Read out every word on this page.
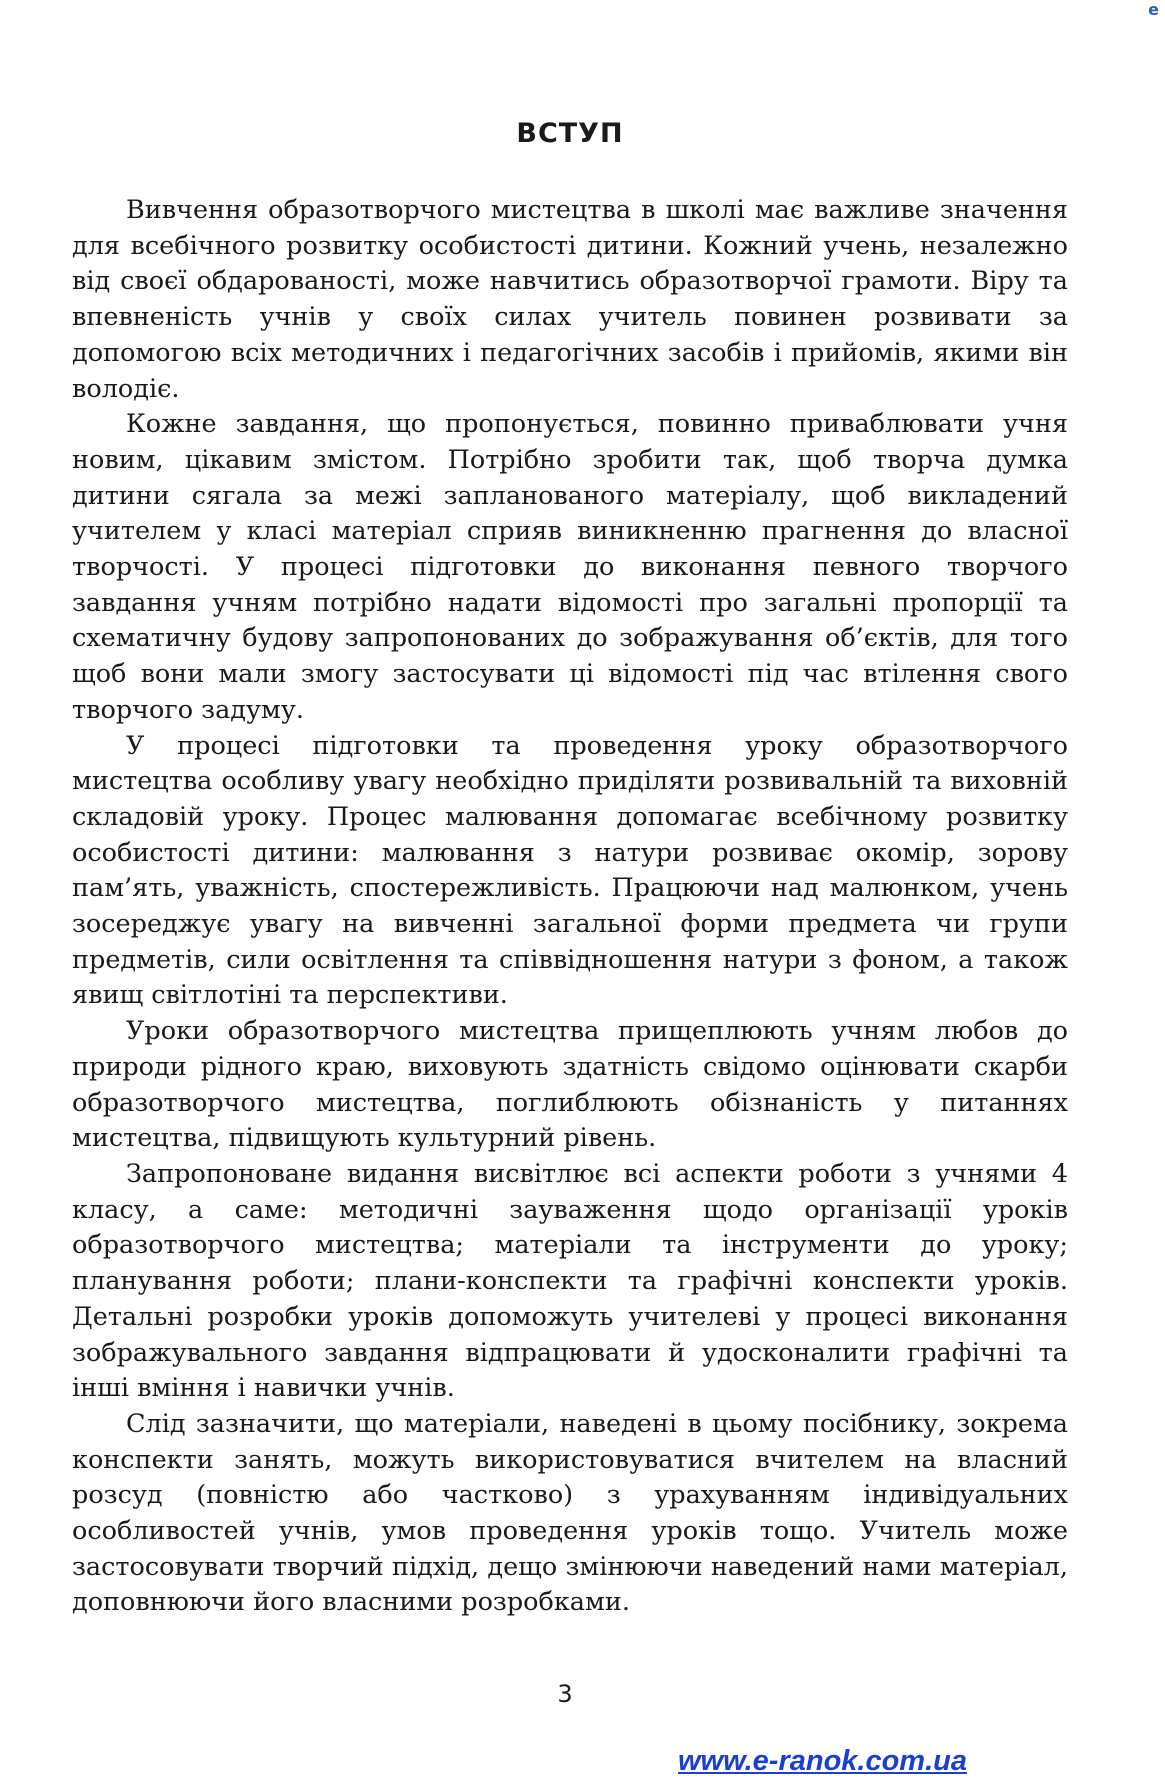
е
ВСТУП

Вивчення образотворчого мистецтва в школі має важливе значення для всебічного розвитку особистості дитини. Кожний учень, незалежно від своєї обдарованості, може навчитись образотворчої грамоти. Віру та впевненість учнів у своїх силах учитель повинен розвивати за допомогою всіх методичних і педагогічних засобів і прийомів, якими він володіє.

Кожне завдання, що пропонується, повинно приваблювати учня новим, цікавим змістом. Потрібно зробити так, щоб творча думка дитини сягала за межі запланованого матеріалу, щоб викладений учителем у класі матеріал сприяв виникненню прагнення до власної творчості. У процесі підготовки до виконання певного творчого завдання учням потрібно надати відомості про загальні пропорції та схематичну будову запропонованих до зображування об’єктів, для того щоб вони мали змогу застосувати ці відомості під час втілення свого творчого задуму.

У процесі підготовки та проведення уроку образотворчого мистецтва особливу увагу необхідно приділяти розвивальній та виховній складовій уроку. Процес малювання допомагає всебічному розвитку особистості дитини: малювання з натури розвиває окомір, зорову пам’ять, уважність, спостережливість. Працюючи над малюнком, учень зосереджує увагу на вивченні загальної форми предмета чи групи предметів, сили освітлення та співвідношення натури з фоном, а також явищ світлотіні та перспективи.

Уроки образотворчого мистецтва прищеплюють учням любов до природи рідного краю, виховують здатність свідомо оцінювати скарби образотворчого мистецтва, поглиблюють обізнаність у питаннях мистецтва, підвищують культурний рівень.

Запропоноване видання висвітлює всі аспекти роботи з учнями 4 класу, а саме: методичні зауваження щодо організації уроків образотворчого мистецтва; матеріали та інструменти до уроку; планування роботи; плани-конспекти та графічні конспекти уроків. Детальні розробки уроків допоможуть учителеві у процесі виконання зображувального завдання відпрацювати й удосконалити графічні та інші вміння і навички учнів.

Слід зазначити, що матеріали, наведені в цьому посібнику, зокрема конспекти занять, можуть використовуватися вчителем на власний розсуд (повністю або частково) з урахуванням індивідуальних особливостей учнів, умов проведення уроків тощо. Учитель може застосовувати творчий підхід, дещо змінюючи наведений нами матеріал, доповнюючи його власними розробками.

3
www.e-ranok.com.ua
